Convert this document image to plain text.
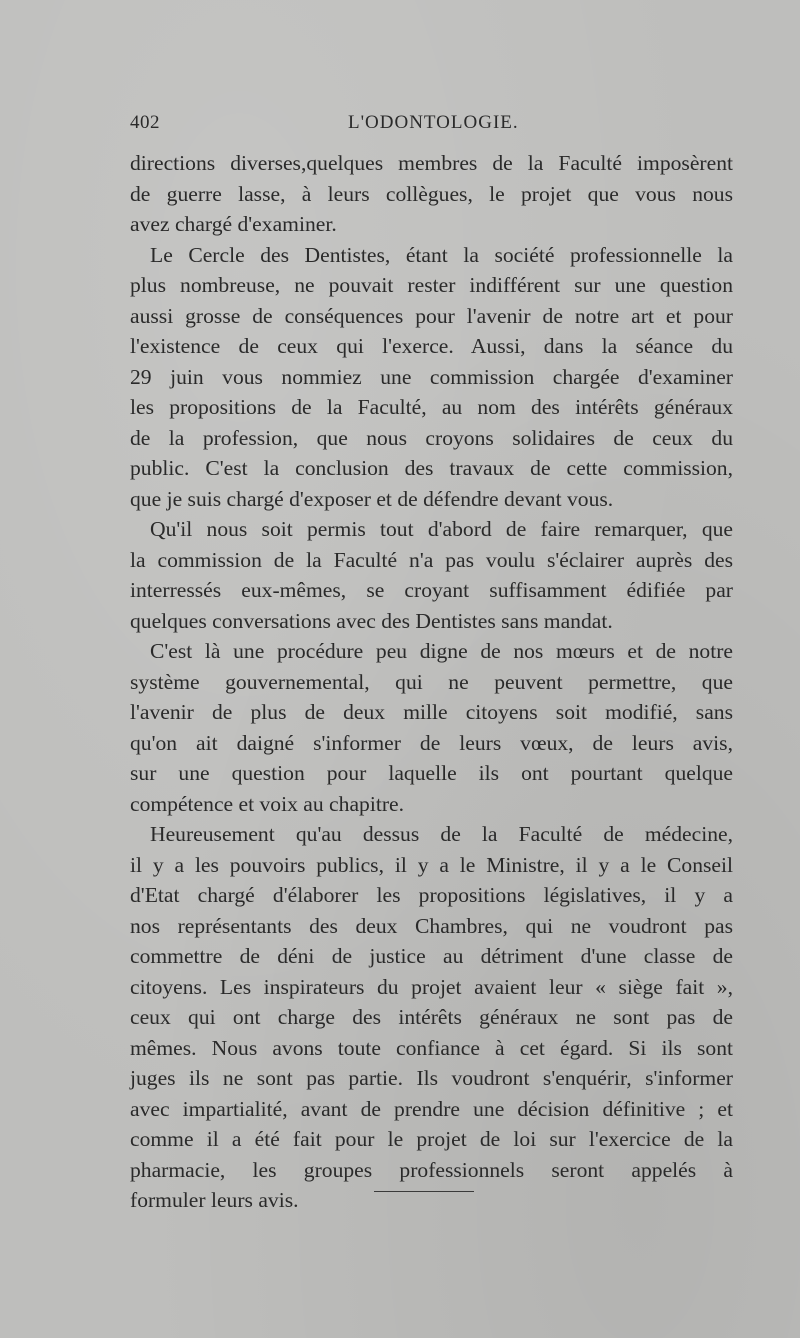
402	L'ODONTOLOGIE.
directions diverses,quelques membres de la Faculté imposèrent
de guerre lasse, à leurs collègues, le projet que vous nous
avez chargé d'examiner.
Le Cercle des Dentistes, étant la société professionnelle la
plus nombreuse, ne pouvait rester indifférent sur une question
aussi grosse de conséquences pour l'avenir de notre art et pour
l'existence de ceux qui l'exerce. Aussi, dans la séance du
29 juin vous nommiez une commission chargée d'examiner
les propositions de la Faculté, au nom des intérêts généraux
de la profession, que nous croyons solidaires de ceux du
public. C'est la conclusion des travaux de cette commission,
que je suis chargé d'exposer et de défendre devant vous.
Qu'il nous soit permis tout d'abord de faire remarquer, que
la commission de la Faculté n'a pas voulu s'éclairer auprès des
interressés eux-mêmes, se croyant suffisamment édifiée par
quelques conversations avec des Dentistes sans mandat.
C'est là une procédure peu digne de nos mœurs et de notre
système gouvernemental, qui ne peuvent permettre, que
l'avenir de plus de deux mille citoyens soit modifié, sans
qu'on ait daigné s'informer de leurs vœux, de leurs avis,
sur une question pour laquelle ils ont pourtant quelque
compétence et voix au chapitre.
Heureusement qu'au dessus de la Faculté de médecine,
il y a les pouvoirs publics, il y a le Ministre, il y a le Conseil
d'Etat chargé d'élaborer les propositions législatives, il y a
nos représentants des deux Chambres, qui ne voudront pas
commettre de déni de justice au détriment d'une classe de
citoyens. Les inspirateurs du projet avaient leur « siège fait »,
ceux qui ont charge des intérêts généraux ne sont pas de
mêmes. Nous avons toute confiance à cet égard. Si ils sont
juges ils ne sont pas partie. Ils voudront s'enquérir, s'informer
avec impartialité, avant de prendre une décision définitive ; et
comme il a été fait pour le projet de loi sur l'exercice de la
pharmacie, les groupes professionnels seront appelés à
formuler leurs avis.
